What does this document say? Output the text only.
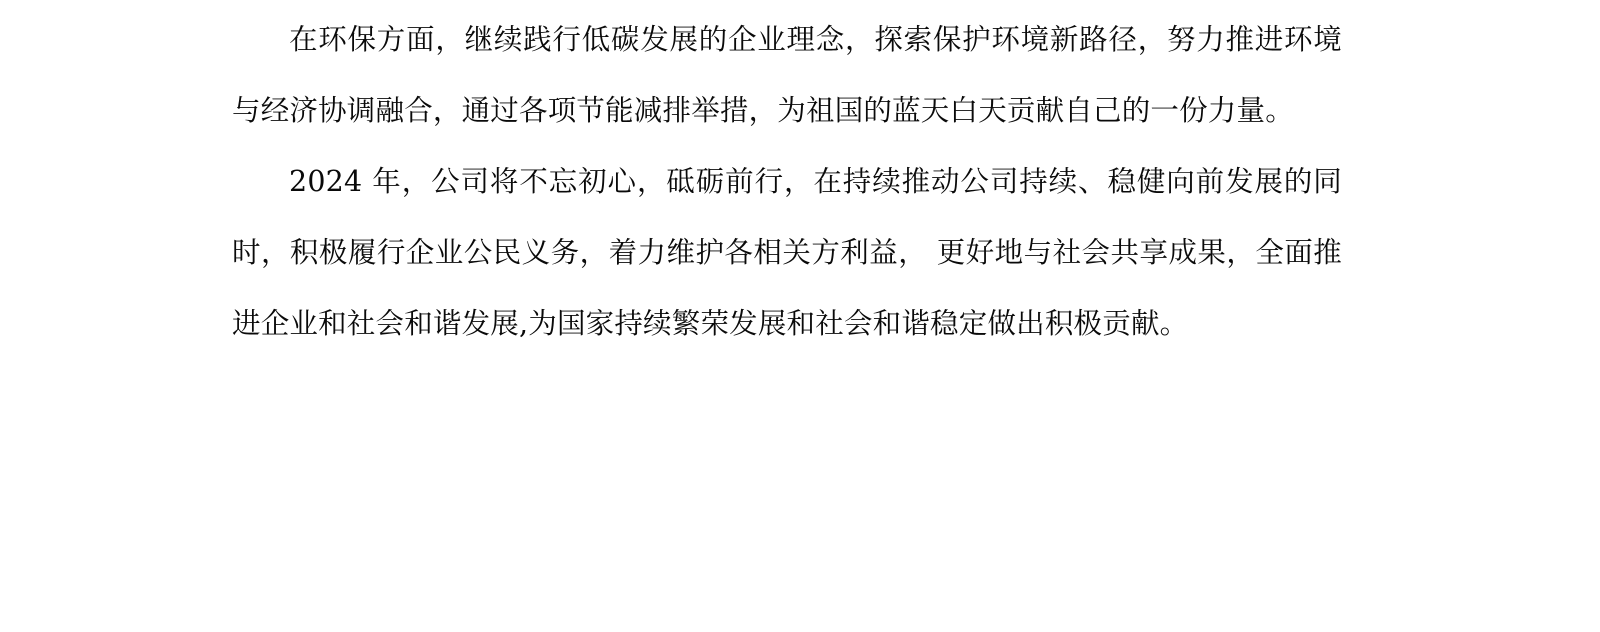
在环保方面，继续践行低碳发展的企业理念，探索保护环境新路径，努力推进环境与经济协调融合，通过各项节能减排举措，为祖国的蓝天白天贡献自己的一份力量。

2024 年，公司将不忘初心，砥砺前行，在持续推动公司持续、稳健向前发展的同时，积极履行企业公民义务，着力维护各相关方利益， 更好地与社会共享成果，全面推进企业和社会和谐发展,为国家持续繁荣发展和社会和谐稳定做出积极贡献。
